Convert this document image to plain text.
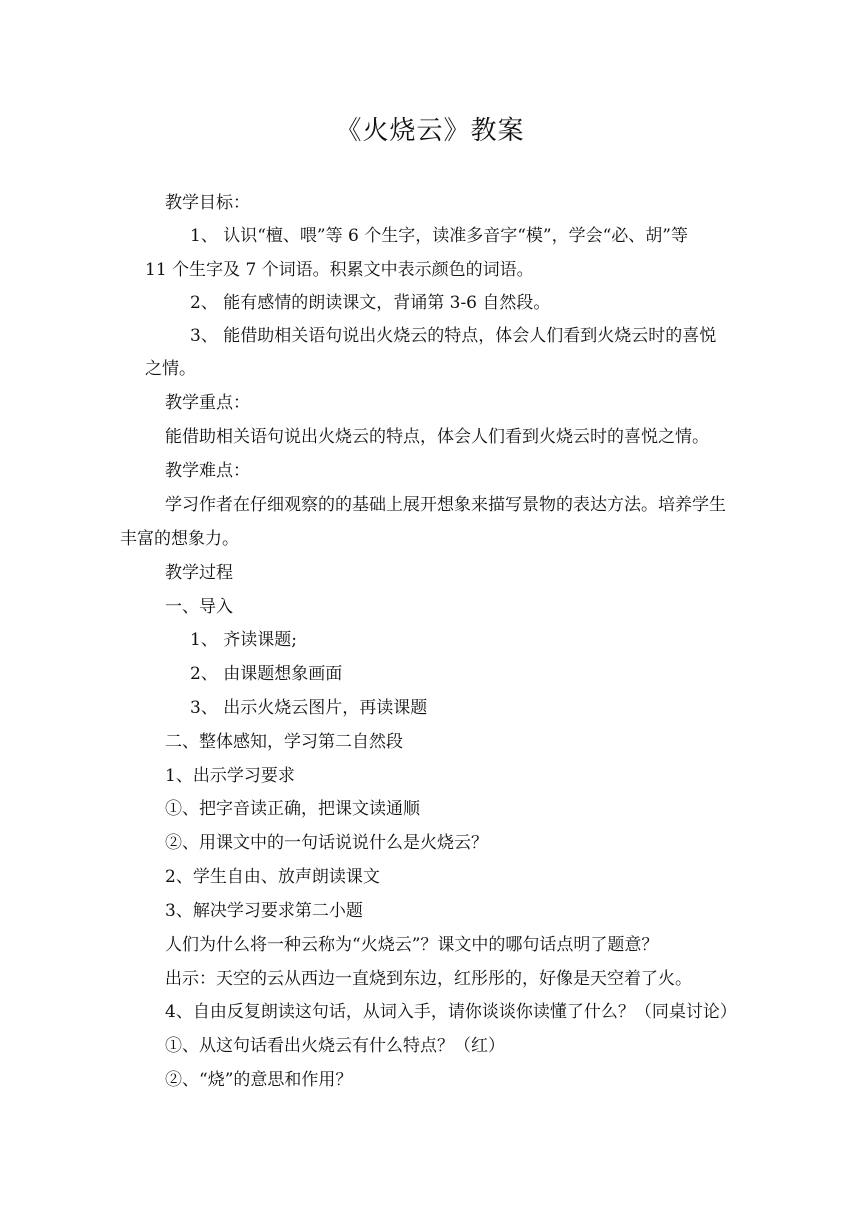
《火烧云》教案
教学目标：
1、 认识“檀、喂”等 6 个生字，读准多音字“模”，学会“必、胡”等
11 个生字及 7 个词语。积累文中表示颜色的词语。
2、 能有感情的朗读课文，背诵第 3-6 自然段。
3、 能借助相关语句说出火烧云的特点，体会人们看到火烧云时的喜悦
之情。
教学重点：
能借助相关语句说出火烧云的特点，体会人们看到火烧云时的喜悦之情。
教学难点：
学习作者在仔细观察的的基础上展开想象来描写景物的表达方法。培养学生
丰富的想象力。
教学过程
一、导入
1、 齐读课题;
2、 由课题想象画面
3、 出示火烧云图片，再读课题
二、整体感知，学习第二自然段
1、出示学习要求
①、把字音读正确，把课文读通顺
②、用课文中的一句话说说什么是火烧云？
2、学生自由、放声朗读课文
3、解决学习要求第二小题
人们为什么将一种云称为“火烧云”？课文中的哪句话点明了题意？
出示：天空的云从西边一直烧到东边，红彤彤的，好像是天空着了火。
4、自由反复朗读这句话，从词入手，请你谈谈你读懂了什么？（同桌讨论）
①、从这句话看出火烧云有什么特点？（红）
②、“烧”的意思和作用？
